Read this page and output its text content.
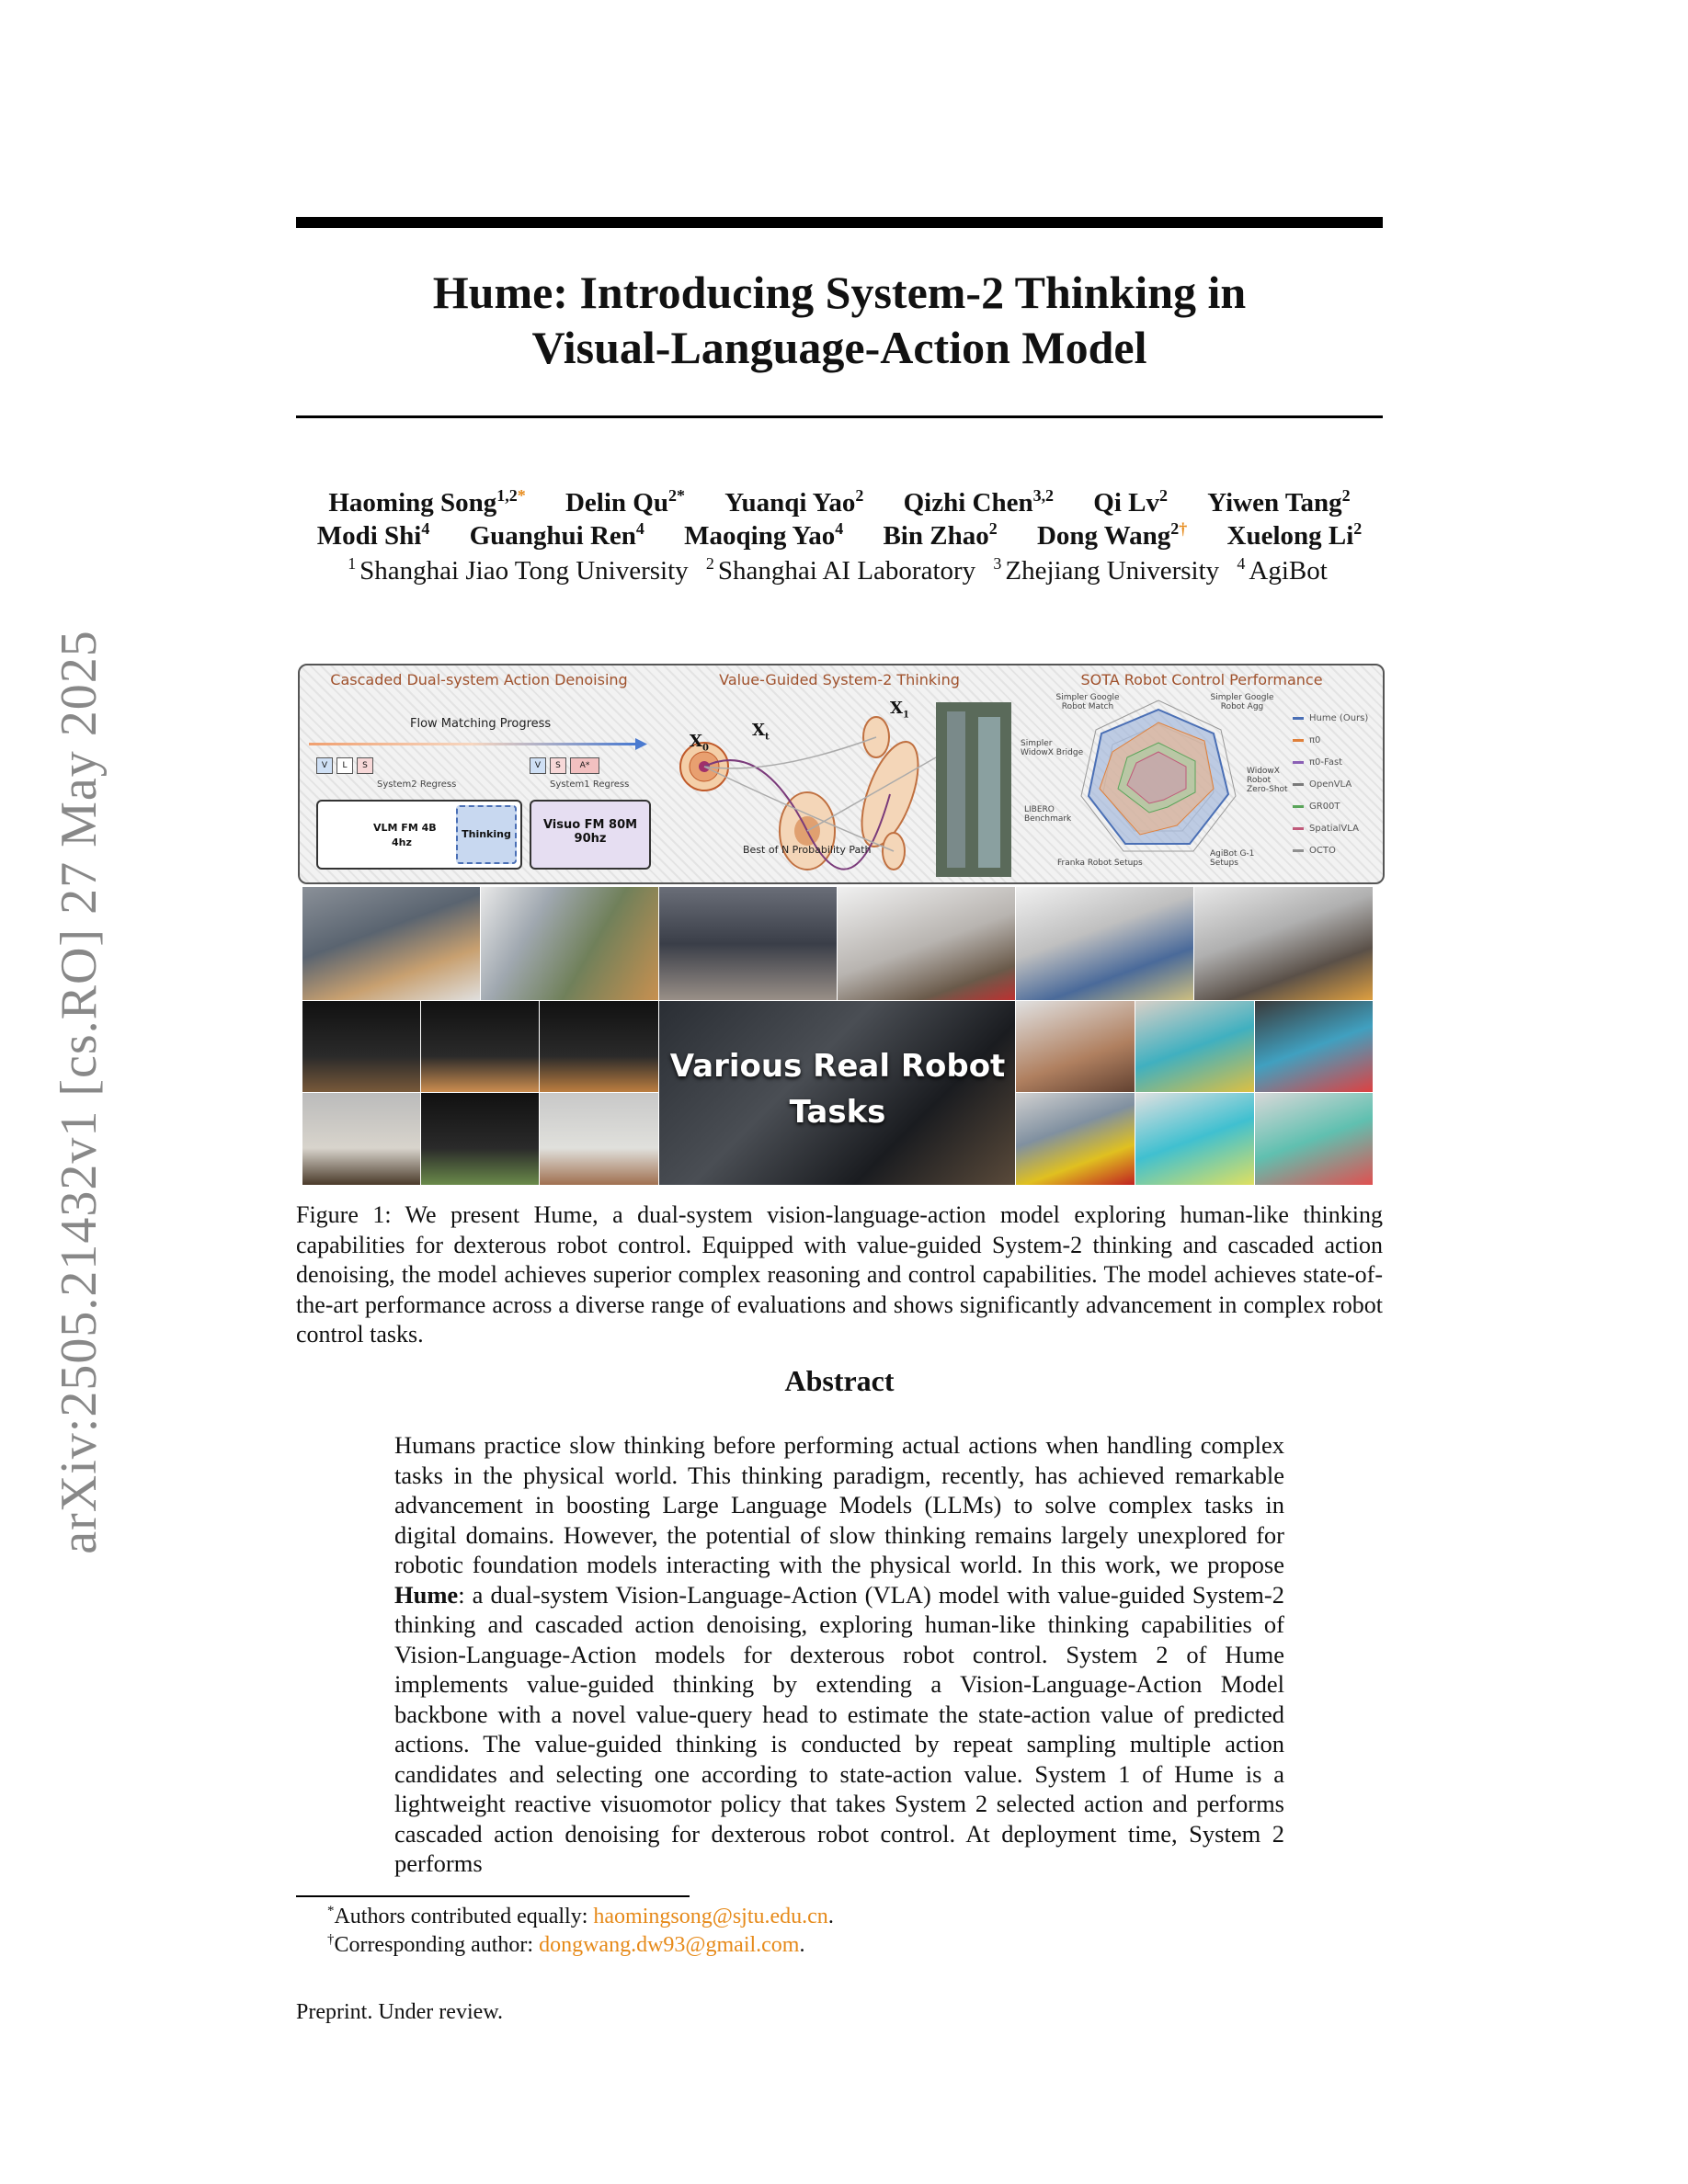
arXiv:2505.21432v1 [cs.RO] 27 May 2025
Hume: Introducing System-2 Thinking in
Visual-Language-Action Model
Haoming Song$^{1,2*}$ Delin $Qu^{2*}$ Yuanqi Yao$^2$ Qizhi Chen$^{3,2}$ Qi Lv$^2$ Yiwen Tang$^2$
Modi Shi$^4$ Guanghui Ren$^4$ Maoqing Yao$^4$ Bin Zhao$^2$ Dong Wang$^{2\dagger}$ Xuelong Li$^2$
$^1$ Shanghai Jiao Tong University $^2$ Shanghai AI Laboratory $^3$ Zhejiang University $^4$ AgiBot
Cascaded Dual-system Action Denoising
Flow Matching Progress
V	L	S	V	S	A*
System2 Regress	System1 Regress
VLM FM 4B
4hz
Thinking
Visuo FM 80M
90hz
Value-Guided System-2 Thinking
$X_0$
$X_t$
$X_1$
Best of N Probability Path
SOTA Robot Control Performance
Simpler Google Robot Match
Simpler Google Robot Agg
WidowX Robot Zero-Shot
AgiBot G-1 Setups
Franka Robot Setups
LIBERO Benchmark
Simpler WidowX Bridge
Hume (Ours)
π0
π0-Fast
OpenVLA
GR00T
SpatialVLA
OCTO
Various Real Robot
Tasks
Figure 1: We present Hume, a dual-system vision-language-action model exploring human-like thinking capabilities for dexterous robot control. Equipped with value-guided System-2 thinking and cascaded action denoising, the model achieves superior complex reasoning and control capabilities. The model achieves state-of-the-art performance across a diverse range of evaluations and shows significantly advancement in complex robot control tasks.
Abstract
Humans practice slow thinking before performing actual actions when handling complex tasks in the physical world. This thinking paradigm, recently, has achieved remarkable advancement in boosting Large Language Models (LLMs) to solve complex tasks in digital domains. However, the potential of slow thinking remains largely unexplored for robotic foundation models interacting with the physical world. In this work, we propose Hume: a dual-system Vision-Language-Action (VLA) model with value-guided System-2 thinking and cascaded action denoising, exploring human-like thinking capabilities of Vision-Language-Action models for dexterous robot control. System 2 of Hume implements value-guided thinking by extending a Vision-Language-Action Model backbone with a novel value-query head to estimate the state-action value of predicted actions. The value-guided thinking is conducted by repeat sampling multiple action candidates and selecting one according to state-action value. System 1 of Hume is a lightweight reactive visuomotor policy that takes System 2 selected action and performs cascaded action denoising for dexterous robot control. At deployment time, System 2 performs
*Authors contributed equally: haomingsong@sjtu.edu.cn.
†Corresponding author: dongwang.dw93@gmail.com.
Preprint. Under review.
